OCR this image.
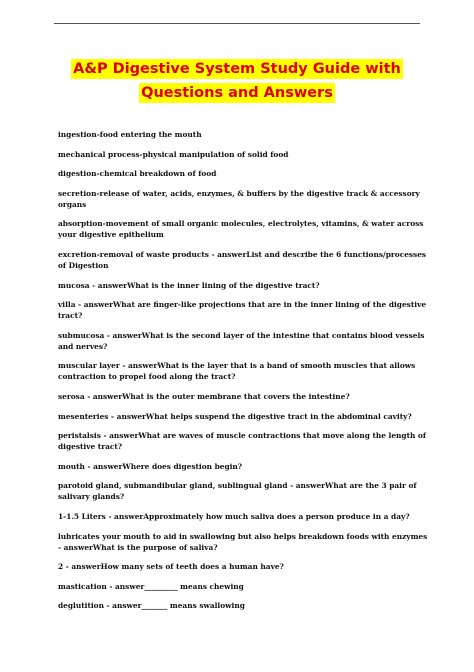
A&P Digestive System Study Guide with
Questions and Answers

ingestion-food entering the mouth

mechanical process-physical manipulation of solid food

digestion-chemical breakdown of food

secretion-release of water, acids, enzymes, & buffers by the digestive track & accessory organs

absorption-movement of small organic molecules, electrolytes, vitamins, & water across your digestive epithelium

excretion-removal of waste products - answerList and describe the 6 functions/processes of Digestion

mucosa - answerWhat is the inner lining of the digestive tract?

villa - answerWhat are finger-like projections that are in the inner lining of the digestive tract?

submucosa - answerWhat is the second layer of the intestine that contains blood vessels and nerves?

muscular layer - answerWhat is the layer that is a band of smooth muscles that allows contraction to propel food along the tract?

serosa - answerWhat is the outer membrane that covers the intestine?

mesenteries - answerWhat helps suspend the digestive tract in the abdominal cavity?

peristalsis - answerWhat are waves of muscle contractions that move along the length of digestive tract?

mouth - answerWhere does digestion begin?

parotoid gland, submandibular gland, sublingual gland - answerWhat are the 3 pair of salivary glands?

1-1.5 Liters - answerApproximately how much saliva does a person produce in a day?

lubricates your mouth to aid in swallowing but also helps breakdown foods with enzymes - answerWhat is the purpose of saliva?

2 - answerHow many sets of teeth does a human have?

mastication - answer_________ means chewing

deglutition - answer_______ means swallowing
